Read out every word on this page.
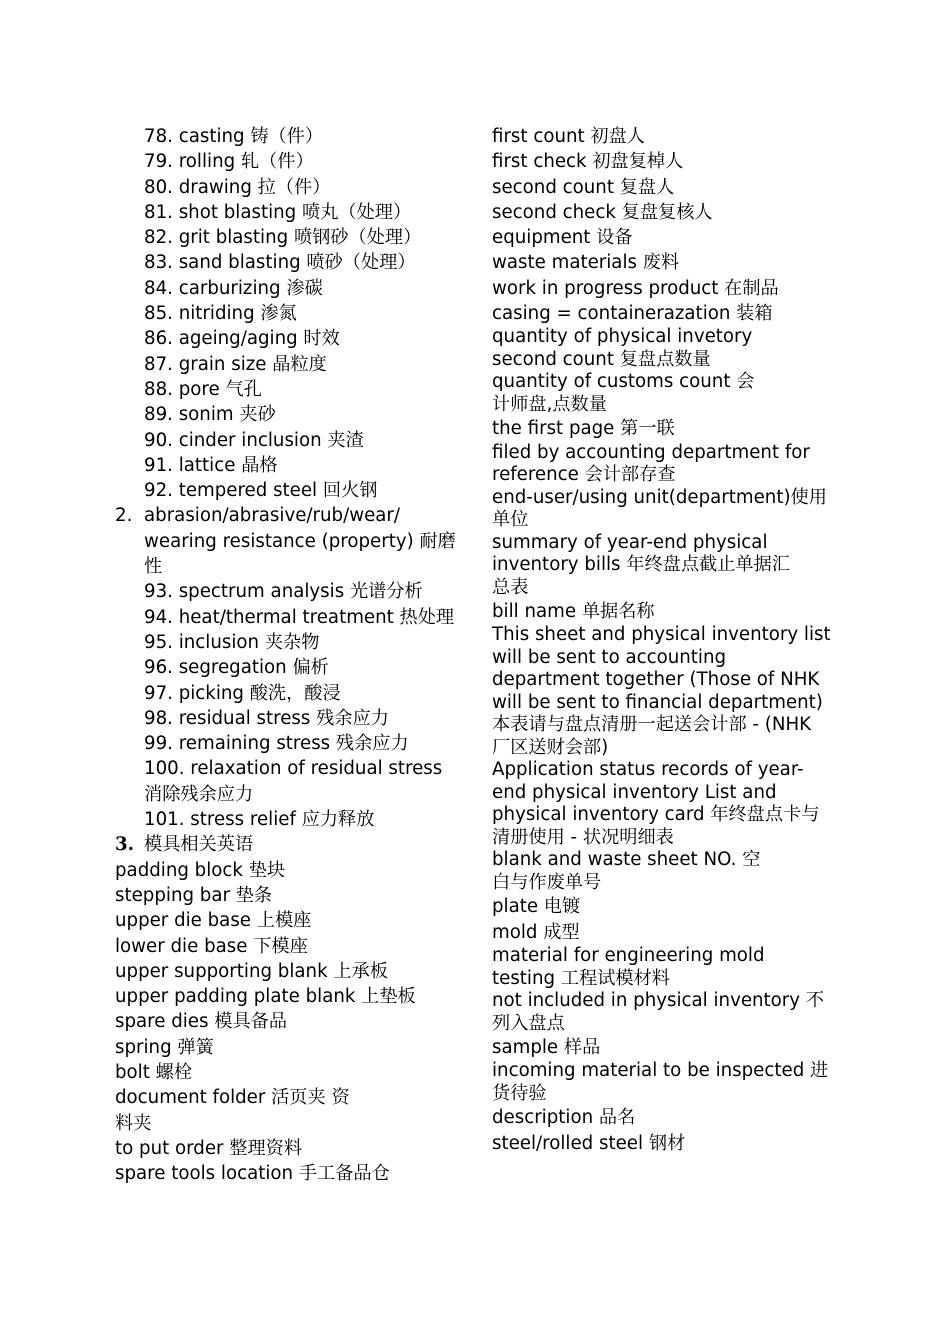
78. casting 铸（件）
79. rolling 轧（件）
80. drawing 拉（件）
81. shot blasting 喷丸（处理）
82. grit blasting 喷钢砂（处理）
83. sand blasting 喷砂（处理）
84. carburizing 渗碳
85. nitriding 渗氮
86. ageing/aging 时效
87. grain size 晶粒度
88. pore 气孔
89. sonim 夹砂
90. cinder inclusion 夹渣
91. lattice 晶格
92. tempered steel 回火钢
2. abrasion/abrasive/rub/wear/ wearing resistance (property) 耐磨性
93. spectrum analysis 光谱分析
94. heat/thermal treatment 热处理
95. inclusion 夹杂物
96. segregation 偏析
97. picking 酸洗，酸浸
98. residual stress 残余应力
99. remaining stress 残余应力
100. relaxation of residual stress 消除残余应力
101. stress relief 应力释放
3. 模具相关英语
padding block 垫块
stepping bar 垫条
upper die base 上模座
lower die base 下模座
upper supporting blank 上承板
upper padding plate blank 上垫板
spare dies 模具备品
spring 弹簧
bolt 螺栓
document folder 活页夹 资料夹
to put order 整理资料
spare tools location 手工备品仓
first count 初盘人
first check 初盘复棹人
second count 复盘人
second check 复盘复核人
equipment 设备
waste materials 废料
work in progress product 在制品
casing = containerazation 装箱
quantity of physical invetory second count 复盘点数量
quantity of customs count 会计师盘,点数量
the first page 第一联
filed by accounting department for reference 会计部存查
end-user/using unit(department)使用单位
summary of year-end physical inventory bills 年终盘点截止单据汇总表
bill name 单据名称
This sheet and physical inventory list will be sent to accounting department together (Those of NHK will be sent to financial department) 本表请与盘点清册一起送会计部 - (NHK 厂区送财会部)
Application status records of year-end physical inventory List and physical inventory card 年终盘点卡与清册使用 - 状况明细表
blank and waste sheet NO. 空白与作废单号
plate 电镀
mold 成型
material for engineering mold testing 工程试模材料
not included in physical inventory 不列入盘点
sample 样品
incoming material to be inspected 进货待验
description 品名
steel/rolled steel 钢材
